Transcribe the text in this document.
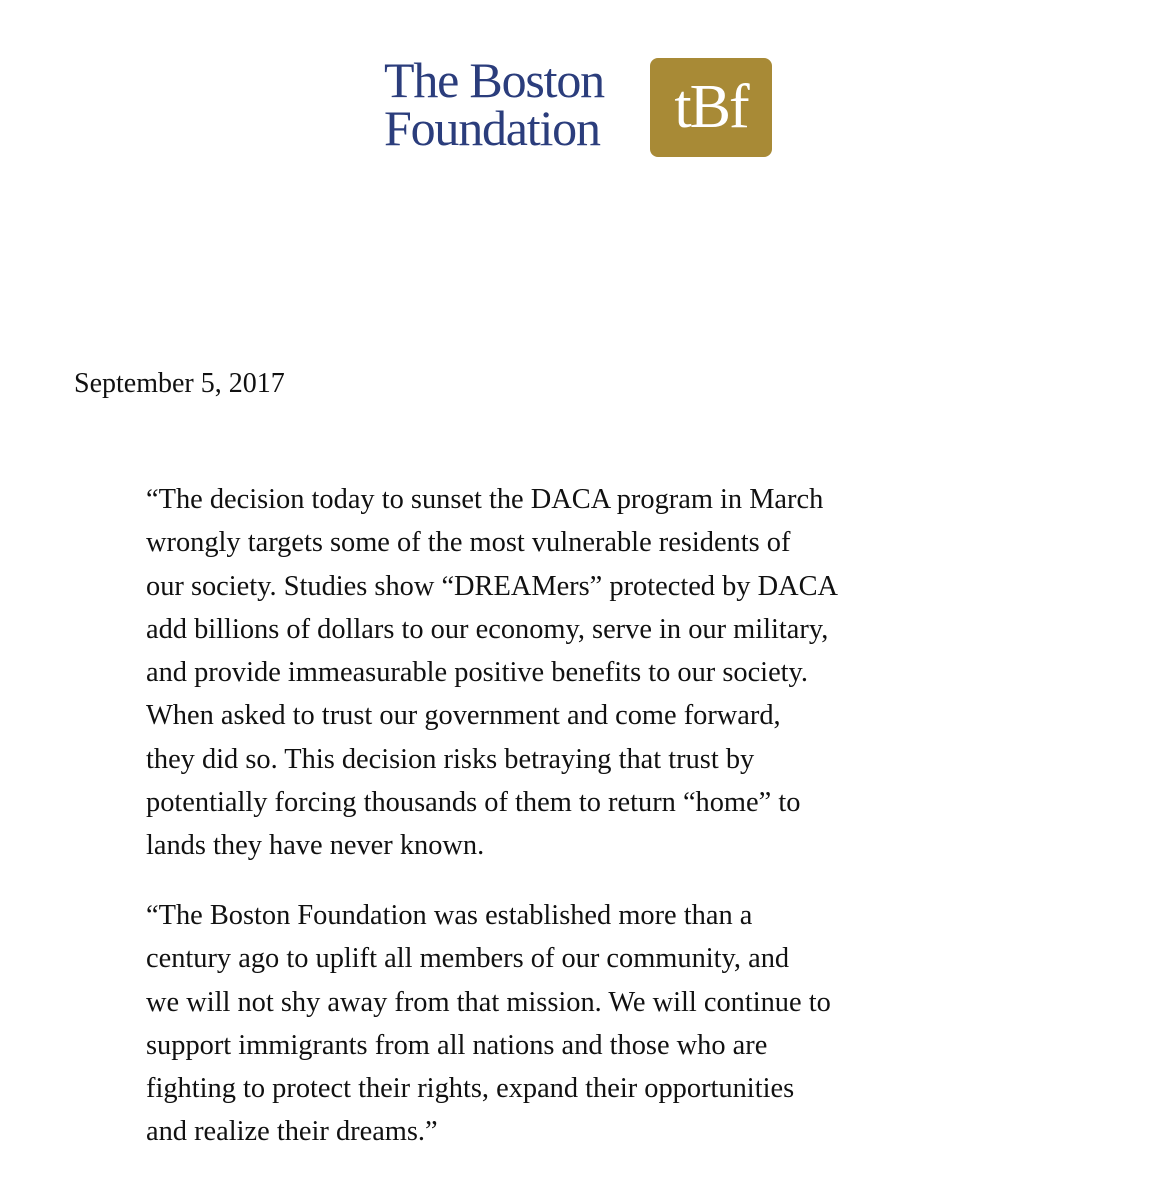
The Boston
Foundation	tBf
September 5, 2017
“The decision today to sunset the DACA program in March
wrongly targets some of the most vulnerable residents of
our society. Studies show “DREAMers” protected by DACA
add billions of dollars to our economy, serve in our military,
and provide immeasurable positive benefits to our society.
When asked to trust our government and come forward,
they did so. This decision risks betraying that trust by
potentially forcing thousands of them to return “home” to
lands they have never known.
“The Boston Foundation was established more than a
century ago to uplift all members of our community, and
we will not shy away from that mission. We will continue to
support immigrants from all nations and those who are
fighting to protect their rights, expand their opportunities
and realize their dreams.”
